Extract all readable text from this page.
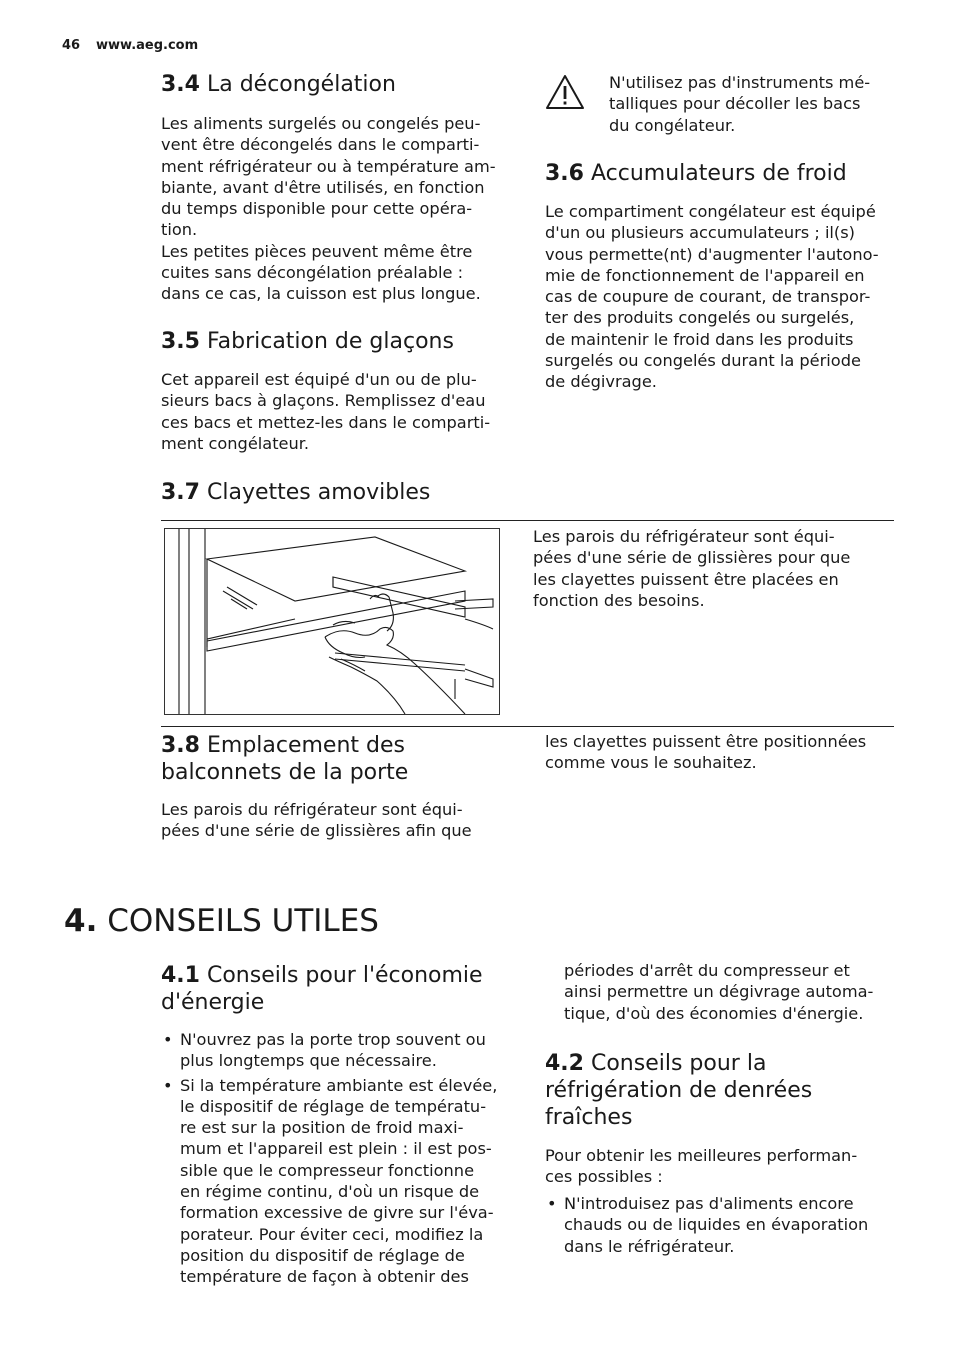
46 www.aeg.com
3.4 La décongélation
Les aliments surgelés ou congelés peu-
vent être décongelés dans le comparti-
ment réfrigérateur ou à température am-
biante, avant d'être utilisés, en fonction
du temps disponible pour cette opéra-
tion.
Les petites pièces peuvent même être
cuites sans décongélation préalable :
dans ce cas, la cuisson est plus longue.
N'utilisez pas d'instruments mé-
talliques pour décoller les bacs
du congélateur.
3.5 Fabrication de glaçons
Cet appareil est équipé d'un ou de plu-
sieurs bacs à glaçons. Remplissez d'eau
ces bacs et mettez-les dans le comparti-
ment congélateur.
3.6 Accumulateurs de froid
Le compartiment congélateur est équipé
d'un ou plusieurs accumulateurs ; il(s)
vous permette(nt) d'augmenter l'autono-
mie de fonctionnement de l'appareil en
cas de coupure de courant, de transpor-
ter des produits congelés ou surgelés,
de maintenir le froid dans les produits
surgelés ou congelés durant la période
de dégivrage.
3.7 Clayettes amovibles
Les parois du réfrigérateur sont équi-
pées d'une série de glissières pour que
les clayettes puissent être placées en
fonction des besoins.
3.8 Emplacement des
balconnets de la porte
Les parois du réfrigérateur sont équi-
pées d'une série de glissières afin que
les clayettes puissent être positionnées
comme vous le souhaitez.
4. CONSEILS UTILES
4.1 Conseils pour l'économie
d'énergie
• N'ouvrez pas la porte trop souvent ou
plus longtemps que nécessaire.
• Si la température ambiante est élevée,
le dispositif de réglage de températu-
re est sur la position de froid maxi-
mum et l'appareil est plein : il est pos-
sible que le compresseur fonctionne
en régime continu, d'où un risque de
formation excessive de givre sur l'éva-
porateur. Pour éviter ceci, modifiez la
position du dispositif de réglage de
température de façon à obtenir des
périodes d'arrêt du compresseur et
ainsi permettre un dégivrage automa-
tique, d'où des économies d'énergie.
4.2 Conseils pour la
réfrigération de denrées
fraîches
Pour obtenir les meilleures performan-
ces possibles :
• N'introduisez pas d'aliments encore
chauds ou de liquides en évaporation
dans le réfrigérateur.
